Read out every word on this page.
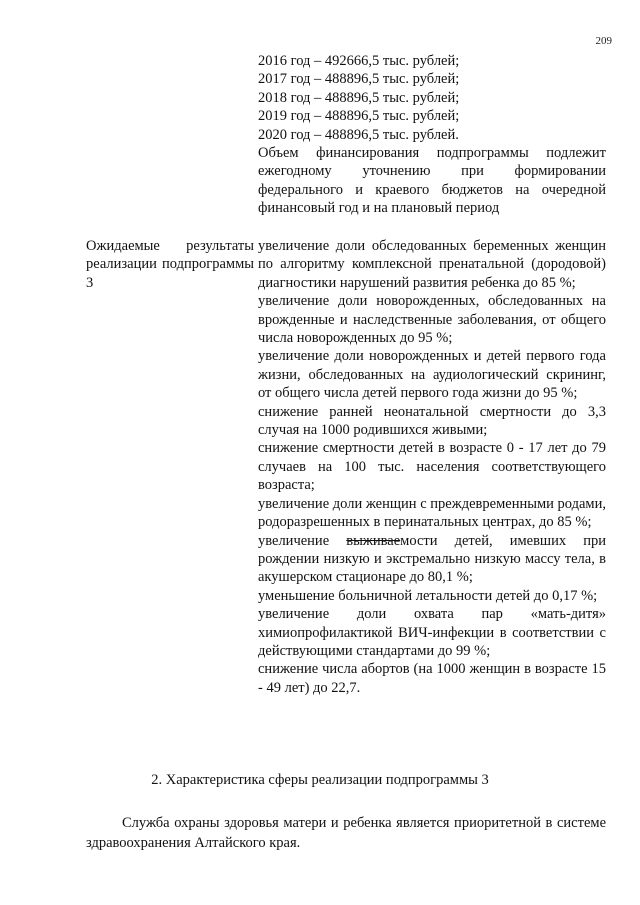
209
2016 год – 492666,5 тыс. рублей;
2017 год – 488896,5 тыс. рублей;
2018 год – 488896,5 тыс. рублей;
2019 год – 488896,5 тыс. рублей;
2020 год – 488896,5 тыс. рублей.
Объем финансирования подпрограммы подлежит ежегодному уточнению при формировании федерального и краевого бюджетов на очередной финансовый год и на плановый период
Ожидаемые результаты реализации подпрограммы 3
увеличение доли обследованных беременных женщин по алгоритму комплексной пренатальной (дородовой) диагностики нарушений развития ребенка до 85 %;
увеличение доли новорожденных, обследованных на врожденные и наследственные заболевания, от общего числа новорожденных до 95 %;
увеличение доли новорожденных и детей первого года жизни, обследованных на аудиологический скрининг, от общего числа детей первого года жизни до 95 %;
снижение ранней неонатальной смертности до 3,3 случая на 1000 родившихся живыми;
снижение смертности детей в возрасте 0 - 17 лет до 79 случаев на 100 тыс. населения соответствующего возраста;
увеличение доли женщин с преждевременными родами, родоразрешенных в перинатальных центрах, до 85 %;
увеличение выживаемости детей, имевших при рождении низкую и экстремально низкую массу тела, в акушерском стационаре до 80,1 %;
уменьшение больничной летальности детей до 0,17 %;
увеличение доли охвата пар «мать-дитя» химиопрофилактикой ВИЧ-инфекции в соответствии с действующими стандартами до 99 %;
снижение числа абортов (на 1000 женщин в возрасте 15 - 49 лет) до 22,7.
2. Характеристика сферы реализации подпрограммы 3
Служба охраны здоровья матери и ребенка является приоритетной в системе здравоохранения Алтайского края.
